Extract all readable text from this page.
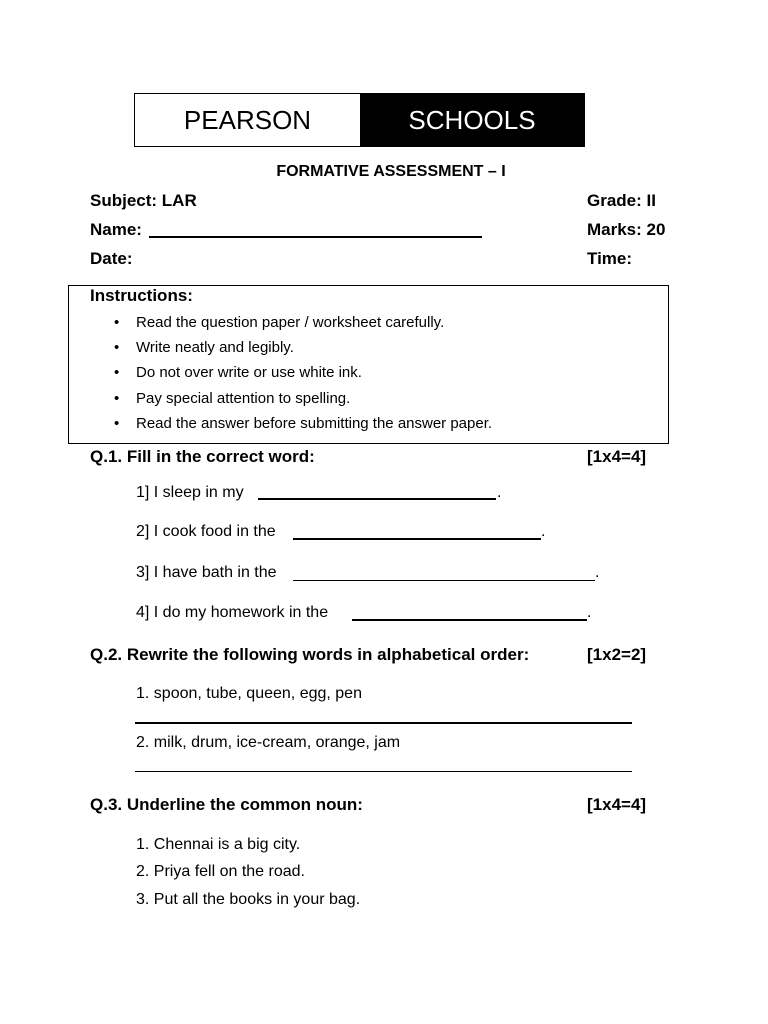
PEARSON	SCHOOLS
FORMATIVE ASSESSMENT – I
Subject: LAR	Grade: II
Name:	Marks: 20
Date:	Time:
Instructions:
• Read the question paper / worksheet carefully.
• Write neatly and legibly.
• Do not over write or use white ink.
• Pay special attention to spelling.
• Read the answer before submitting the answer paper.
Q.1. Fill in the correct word:	[1x4=4]
1] I sleep in my	.
2] I cook food in the	.
3] I have bath in the	.
4] I do my homework in the	.
Q.2. Rewrite the following words in alphabetical order:	[1x2=2]
1. spoon, tube, queen, egg, pen
2. milk, drum, ice-cream, orange, jam
Q.3. Underline the common noun:	[1x4=4]
1. Chennai is a big city.
2. Priya fell on the road.
3. Put all the books in your bag.
